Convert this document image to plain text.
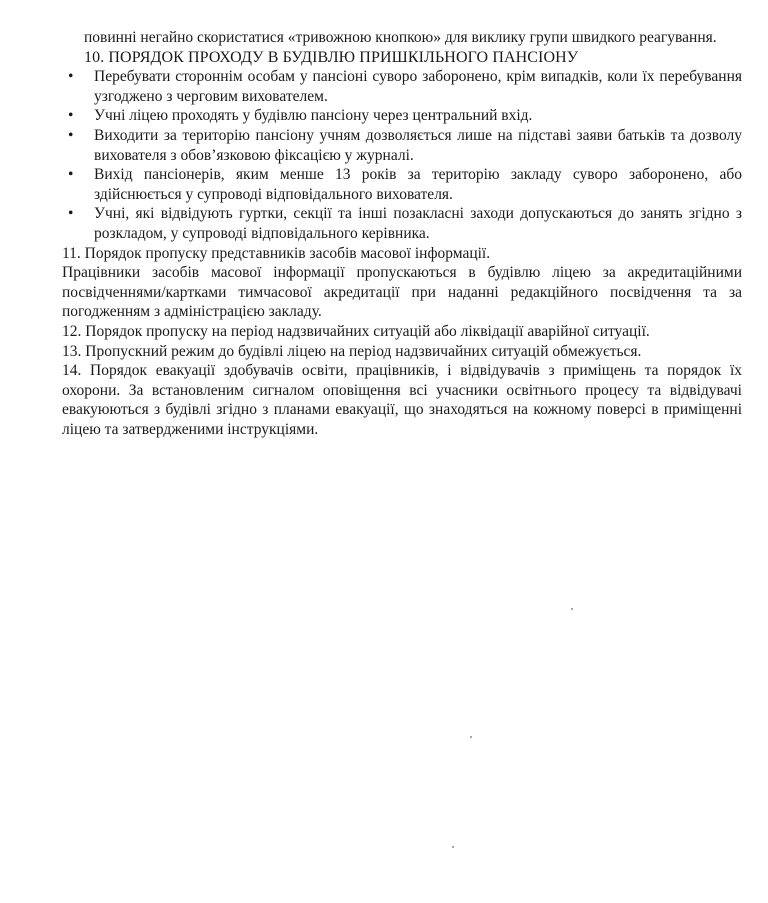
повинні негайно скористатися «тривожною кнопкою» для виклику групи швидкого реагування.

10. ПОРЯДОК ПРОХОДУ В БУДІВЛЮ ПРИШКІЛЬНОГО ПАНСІОНУ

• Перебувати стороннім особам у пансіоні суворо заборонено, крім випадків, коли їх перебування узгоджено з черговим вихователем.
• Учні ліцею проходять у будівлю пансіону через центральний вхід.
• Виходити за територію пансіону учням дозволяється лише на підставі заяви батьків та дозволу вихователя з обов’язковою фіксацією у журналі.
• Вихід пансіонерів, яким менше 13 років за територію закладу суворо заборонено, або здійснюється у супроводі відповідального вихователя.
• Учні, які відвідують гуртки, секції та інші позакласні заходи допускаються до занять згідно з розкладом, у супроводі відповідального керівника.

11. Порядок пропуску представників засобів масової інформації.

Працівники засобів масової інформації пропускаються в будівлю ліцею за акредитаційними посвідченнями/картками тимчасової акредитації при наданні редакційного посвідчення та за погодженням з адміністрацією закладу.

12. Порядок пропуску на період надзвичайних ситуацій або ліквідації аварійної ситуації.

13. Пропускний режим до будівлі ліцею на період надзвичайних ситуацій обмежується.

14. Порядок евакуації здобувачів освіти, працівників, і відвідувачів з приміщень та порядок їх охорони. За встановленим сигналом оповіщення всі учасники освітнього процесу та відвідувачі евакуюються з будівлі згідно з планами евакуації, що знаходяться на кожному поверсі в приміщенні ліцею та затвердженими інструкціями.
